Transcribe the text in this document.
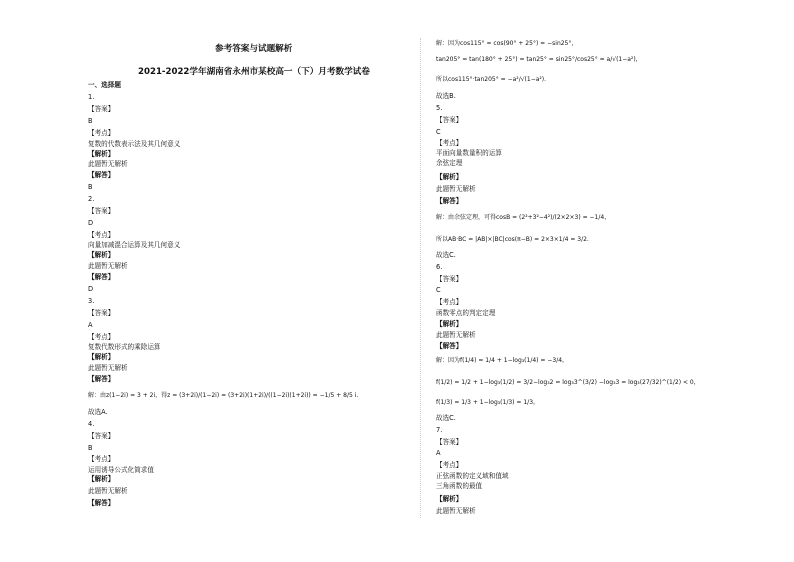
参考答案与试题解析
2021-2022学年湖南省永州市某校高一（下）月考数学试卷
一、选择题
1.
【答案】
B
【考点】
复数的代数表示法及其几何意义
【解析】
此题暂无解析
【解答】
B
2.
【答案】
D
【考点】
向量加减混合运算及其几何意义
【解析】
此题暂无解析
【解答】
D
3.
【答案】
A
【考点】
复数代数形式的乘除运算
【解析】
此题暂无解析
【解答】
解：由z(1−2i) = 3 + 2i，得z = (3+2i)/(1−2i) = (3+2i)(1+2i)/((1−2i)(1+2i)) = −1/5 + 8/5 i.
故选A.
4.
【答案】
B
【考点】
运用诱导公式化简求值
【解析】
此题暂无解析
【解答】
解：因为cos115° = cos(90° + 25°) = −sin25°，
tan205° = tan(180° + 25°) = tan25° = sin25°/cos25° = a/√(1−a²)，
所以cos115°·tan205° = −a²/√(1−a²).
故选B.
5.
【答案】
C
【考点】
平面向量数量积的运算
余弦定理
【解析】
此题暂无解析
【解答】
解：由余弦定理，可得cosB = (2²+3²−4²)/(2×2×3) = −1/4，
所以AB·BC = |AB|×|BC|cos(π−B) = 2×3×1/4 = 3/2.
故选C.
6.
【答案】
C
【考点】
函数零点的判定定理
【解析】
此题暂无解析
【解答】
解：因为f(1/4) = 1/4 + 1−log₃(1/4) = −3/4，
f(1/2) = 1/2 + 1−log₃(1/2) = 3/2−log₃2 = log₃3^(3/2) −log₃3 = log₃(27/32)^(1/2) < 0，
f(1/3) = 1/3 + 1−log₃(1/3) = 1/3，
故选C.
7.
【答案】
A
【考点】
正弦函数的定义域和值域
三角函数的最值
【解析】
此题暂无解析
